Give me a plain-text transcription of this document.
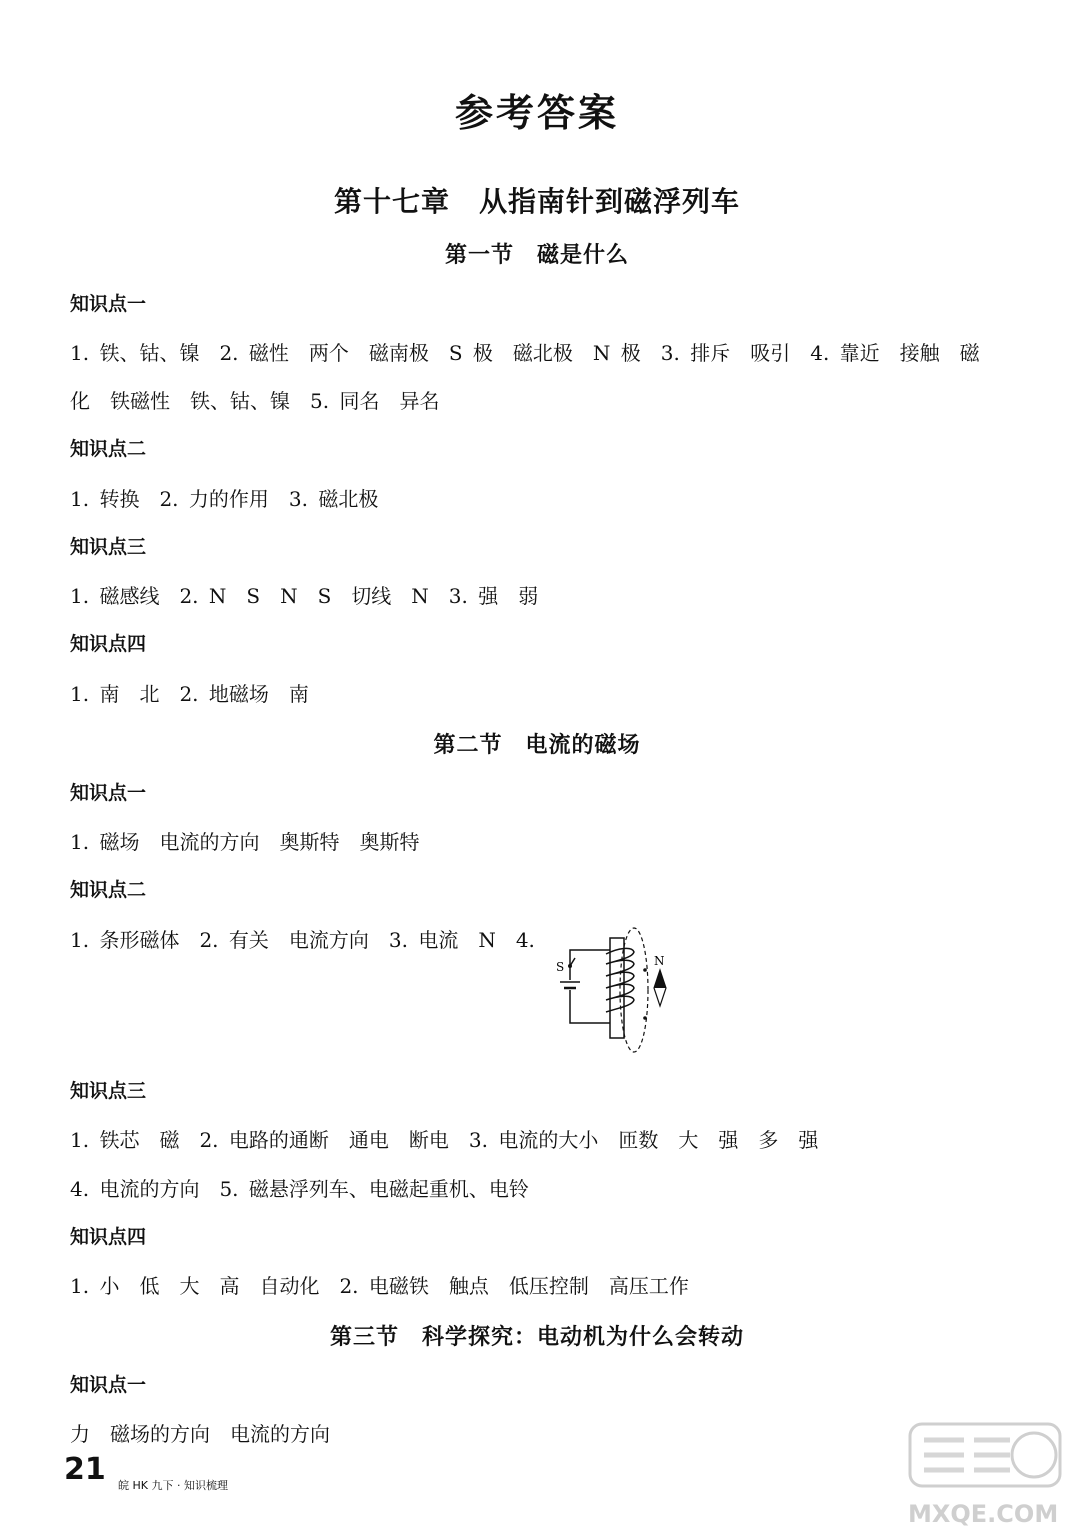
参考答案
第十七章　从指南针到磁浮列车
第一节　磁是什么
知识点一
1. 铁、钴、镍　2. 磁性　两个　磁南极　S 极　磁北极　N 极　3. 排斥　吸引　4. 靠近　接触　磁
化　铁磁性　铁、钴、镍　5. 同名　异名
知识点二
1. 转换　2. 力的作用　3. 磁北极
知识点三
1. 磁感线　2. N　S　N　S　切线　N　3. 强　弱
知识点四
1. 南　北　2. 地磁场　南
第二节　电流的磁场
知识点一
1. 磁场　电流的方向　奥斯特　奥斯特
知识点二
1. 条形磁体　2. 有关　电流方向　3. 电流　N　4.
S	N
知识点三
1. 铁芯　磁　2. 电路的通断　通电　断电　3. 电流的大小　匝数　大　强　多　强
4. 电流的方向　5. 磁悬浮列车、电磁起重机、电铃
知识点四
1. 小　低　大　高　自动化　2. 电磁铁　触点　低压控制　高压工作
第三节　科学探究：电动机为什么会转动
知识点一
力　磁场的方向　电流的方向
21 皖 HK 九下 · 知识梳理
MXQE.COM
